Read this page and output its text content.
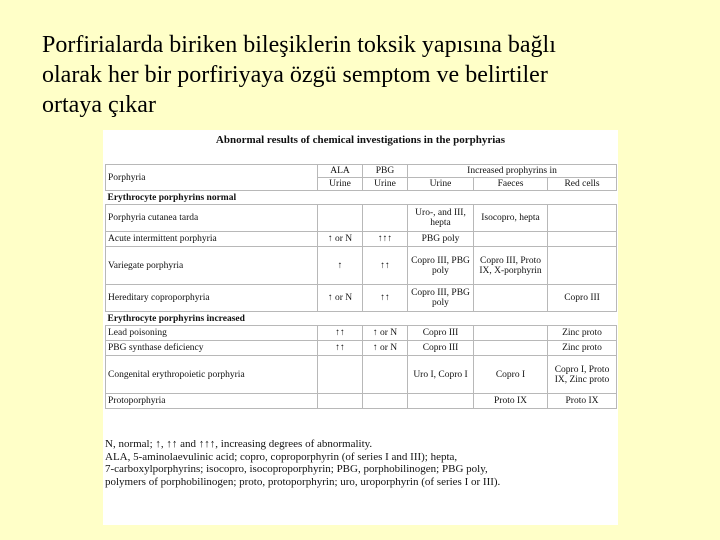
Porfirialarda biriken bileşiklerin toksik yapısına bağlı
olarak her bir porfiriyaya özgü semptom ve belirtiler
ortaya çıkar
Abnormal results of chemical investigations in the porphyrias
Porphyria	ALA	PBG	Increased prophyrins in		
	Urine	Urine	Urine	Faeces	Red cells
Erythrocyte porphyrins normal					
Porphyria cutanea tarda			Uro-, and III, hepta	Isocopro, hepta	
Acute intermittent porphyria	↑ or N	↑↑↑	PBG poly		
Variegate porphyria	↑	↑↑	Copro III, PBG poly	Copro III, Proto IX, X-porphyrin	
Hereditary coproporphyria	↑ or N	↑↑	Copro III, PBG poly		Copro III
Erythrocyte porphyrins increased					
Lead poisoning	↑↑	↑ or N	Copro III		Zinc proto
PBG synthase deficiency	↑↑	↑ or N	Copro III		Zinc proto
Congenital erythropoietic porphyria			Uro I, Copro I	Copro I	Copro I, Proto IX, Zinc proto
Protoporphyria				Proto IX	Proto IX
N, normal; ↑, ↑↑ and ↑↑↑, increasing degrees of abnormality.
ALA, 5-aminolaevulinic acid; copro, coproporphyrin (of series I and III); hepta,
7-carboxylporphyrins; isocopro, isocoproporphyrin; PBG, porphobilinogen; PBG poly,
polymers of porphobilinogen; proto, protoporphyrin; uro, uroporphyrin (of series I or III).
